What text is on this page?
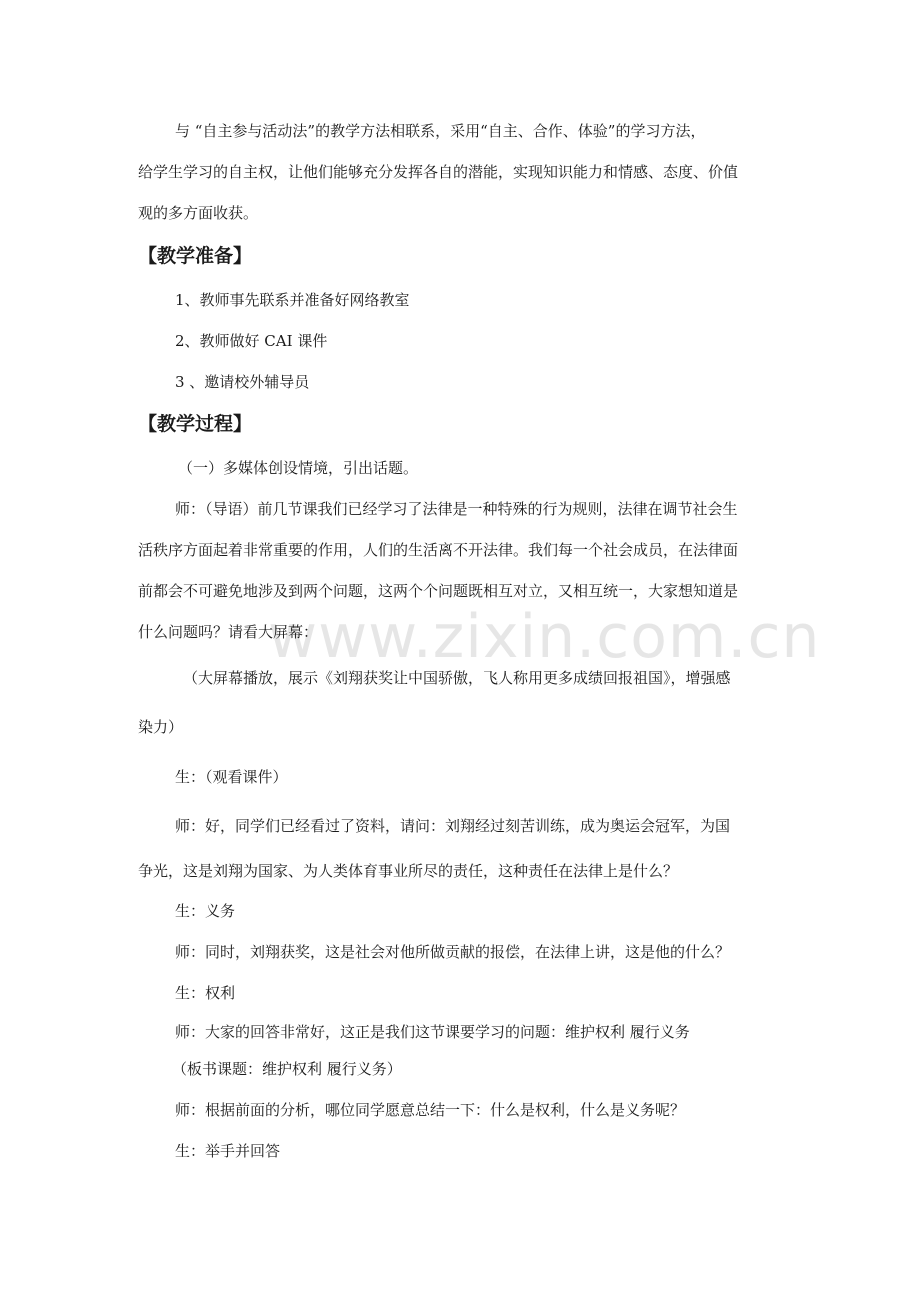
www.zixin.com.cn
与 “自主参与活动法”的教学方法相联系，采用“自主、合作、体验”的学习方法，
给学生学习的自主权，让他们能够充分发挥各自的潜能，实现知识能力和情感、态度、价值
观的多方面收获。
【教学准备】
1、教师事先联系并准备好网络教室
2、教师做好 CAI 课件
3 、邀请校外辅导员
【教学过程】
（一）多媒体创设情境，引出话题。
师：（导语）前几节课我们已经学习了法律是一种特殊的行为规则，法律在调节社会生
活秩序方面起着非常重要的作用，人们的生活离不开法律。我们每一个社会成员，在法律面
前都会不可避免地涉及到两个问题，这两个个问题既相互对立，又相互统一，大家想知道是
什么问题吗？请看大屏幕：
（大屏幕播放，展示《刘翔获奖让中国骄傲，飞人称用更多成绩回报祖国》，增强感
染力）
生：（观看课件）
师：好，同学们已经看过了资料，请问：刘翔经过刻苦训练，成为奥运会冠军，为国
争光，这是刘翔为国家、为人类体育事业所尽的责任，这种责任在法律上是什么？
生：义务
师：同时，刘翔获奖，这是社会对他所做贡献的报偿，在法律上讲，这是他的什么？
生：权利
师：大家的回答非常好，这正是我们这节课要学习的问题：维护权利 履行义务
（板书课题：维护权利 履行义务）
师：根据前面的分析，哪位同学愿意总结一下：什么是权利，什么是义务呢？
生：举手并回答
